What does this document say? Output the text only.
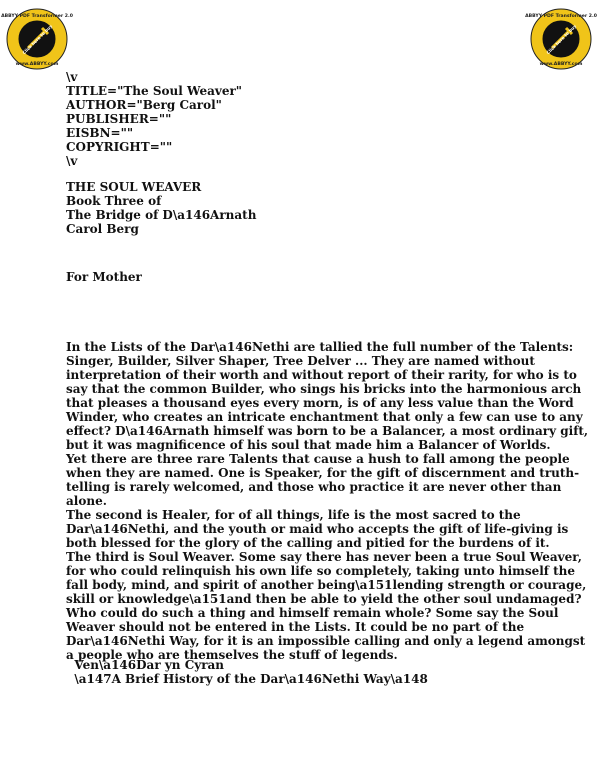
ABBYY PDF Transformer 2.0
Click here to buy
www.ABBYY.com
ABBYY PDF Transformer 2.0
Click here to buy
www.ABBYY.com
\v
TITLE="The Soul Weaver"
AUTHOR="Berg Carol"
PUBLISHER=""
EISBN=""
COPYRIGHT=""
\v
THE SOUL WEAVER
Book Three of
The Bridge of D\a146Arnath
Carol Berg
For Mother
In the Lists of the Dar\a146Nethi are tallied the full number of the Talents:
Singer, Builder, Silver Shaper, Tree Delver ... They are named without
interpretation of their worth and without report of their rarity, for who is to
say that the common Builder, who sings his bricks into the harmonious arch
that pleases a thousand eyes every morn, is of any less value than the Word
Winder, who creates an intricate enchantment that only a few can use to any
effect? D\a146Arnath himself was born to be a Balancer, a most ordinary gift,
but it was magnificence of his soul that made him a Balancer of Worlds.
Yet there are three rare Talents that cause a hush to fall among the people
when they are named. One is Speaker, for the gift of discernment and truth-
telling is rarely welcomed, and those who practice it are never other than
alone.
The second is Healer, for of all things, life is the most sacred to the
Dar\a146Nethi, and the youth or maid who accepts the gift of life-giving is
both blessed for the glory of the calling and pitied for the burdens of it.
The third is Soul Weaver. Some say there has never been a true Soul Weaver,
for who could relinquish his own life so completely, taking unto himself the
fall body, mind, and spirit of another being\a151lending strength or courage,
skill or knowledge\a151and then be able to yield the other soul undamaged?
Who could do such a thing and himself remain whole? Some say the Soul
Weaver should not be entered in the Lists. It could be no part of the
Dar\a146Nethi Way, for it is an impossible calling and only a legend amongst
a people who are themselves the stuff of legends.
Ven\a146Dar yn Cyran
\a147A Brief History of the Dar\a146Nethi Way\a148
